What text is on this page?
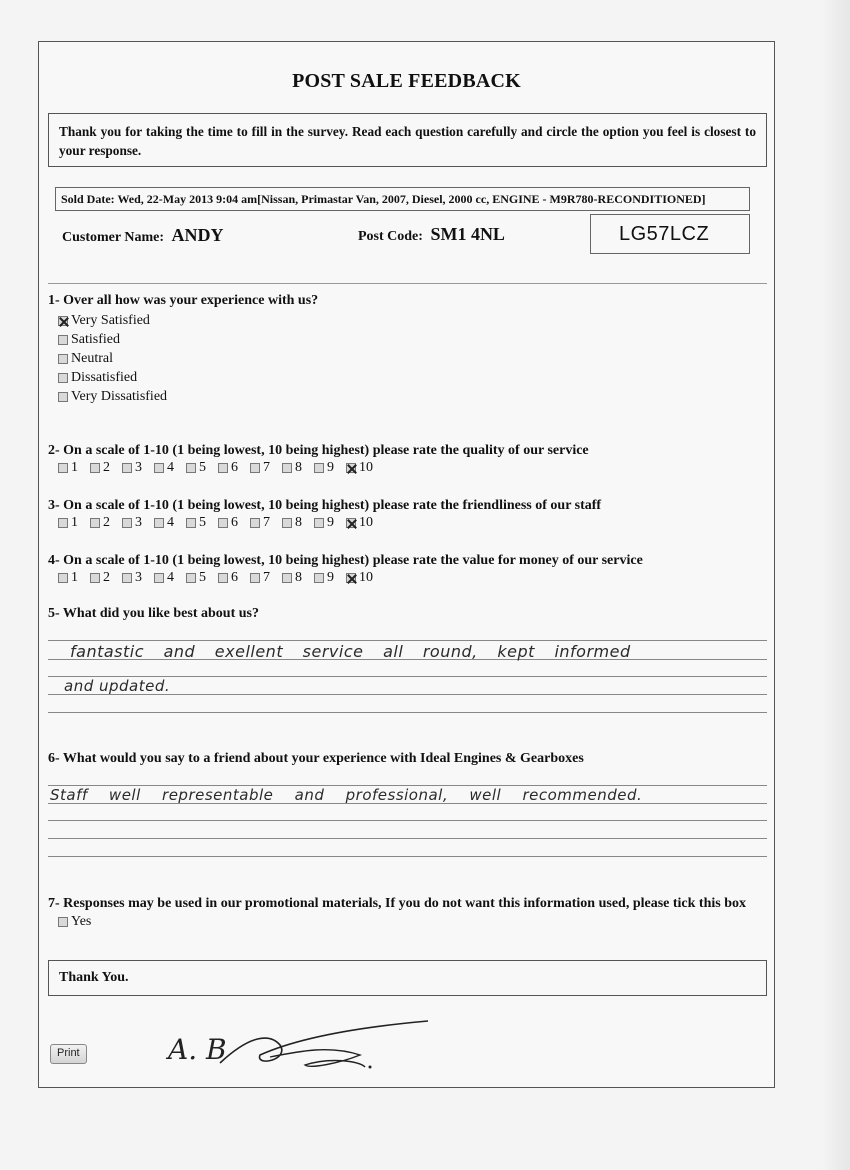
POST SALE FEEDBACK
Thank you for taking the time to fill in the survey. Read each question carefully and circle the option you feel is closest to your response.
Sold Date: Wed, 22-May 2013 9:04 am[Nissan, Primastar Van, 2007, Diesel, 2000 cc, ENGINE - M9R780-RECONDITIONED]
Customer Name: ANDY	Post Code: SM1 4NL	LG57LCZ
1- Over all how was your experience with us?
Very Satisfied
Satisfied
Neutral
Dissatisfied
Very Dissatisfied
2- On a scale of 1-10 (1 being lowest, 10 being highest) please rate the quality of our service
1 2 3 4 5 6 7 8 9 10
3- On a scale of 1-10 (1 being lowest, 10 being highest) please rate the friendliness of our staff
1 2 3 4 5 6 7 8 9 10
4- On a scale of 1-10 (1 being lowest, 10 being highest) please rate the value for money of our service
1 2 3 4 5 6 7 8 9 10
5- What did you like best about us?
fantastic and exellent service all round, kept informed
and updated.
6- What would you say to a friend about your experience with Ideal Engines & Gearboxes
Staff well representable and professional, well recommended.
7- Responses may be used in our promotional materials, If you do not want this information used, please tick this box
Yes
Thank You.
Print	A. B
